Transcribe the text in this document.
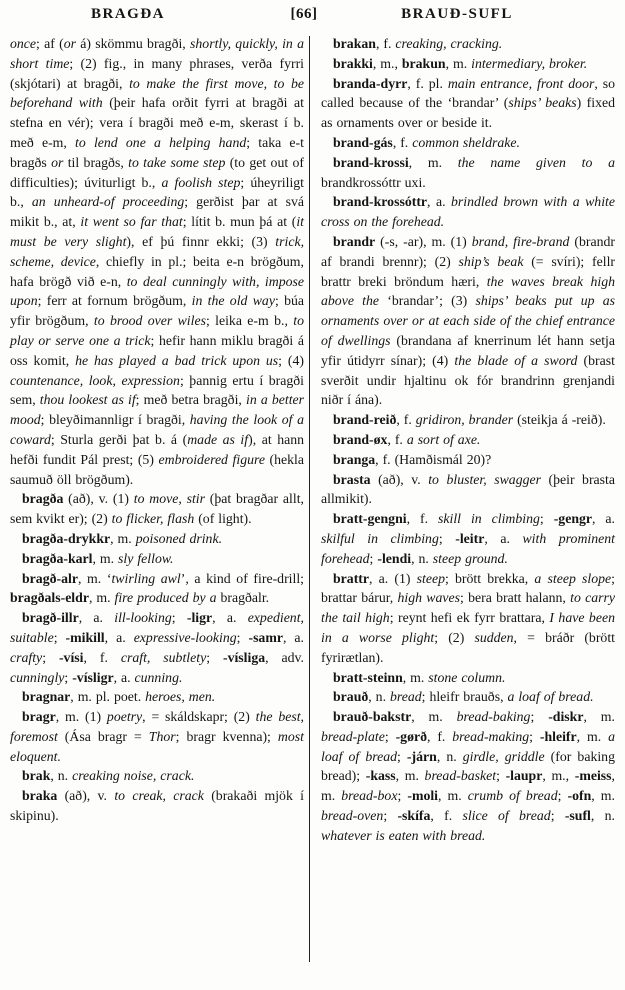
BRAGÐA	[66]	BRAUÐ-SUFL

once; af (or á) skömmu bragði, shortly, quickly, in a short time; (2) fig., in many phrases, verða fyrri (skjótari) at bragði, to make the first move, to be beforehand with (þeir hafa orðit fyrri at bragði at stefna en vér); vera í bragði með e-m, skerast í b. með e-m, to lend one a helping hand; taka e-t bragðs or til bragðs, to take some step (to get out of difficulties); úviturligt b., a foolish step; úheyriligt b., an unheard-of proceeding; gerðist þar at svá mikit b., at, it went so far that; lítit b. mun þá at (it must be very slight), ef þú finnr ekki; (3) trick, scheme, device, chiefly in pl.; beita e-n brögðum, hafa brögð við e-n, to deal cunningly with, impose upon; ferr at fornum brögðum, in the old way; búa yfir brögðum, to brood over wiles; leika e-m b., to play or serve one a trick; hefir hann miklu bragði á oss komit, he has played a bad trick upon us; (4) countenance, look, expression; þannig ertu í bragði sem, thou lookest as if; með betra bragði, in a better mood; bleyðimannligr í bragði, having the look of a coward; Sturla gerði þat b. á (made as if), at hann hefði fundit Pál prest; (5) embroidered figure (hekla saumuð öll brögðum).

bragða (að), v. (1) to move, stir (þat bragðar allt, sem kvikt er); (2) to flicker, flash (of light).

bragða-drykkr, m. poisoned drink.

bragða-karl, m. sly fellow.

bragð-alr, m. ‘twirling awl’, a kind of fire-drill; bragðals-eldr, m. fire produced by a bragðalr.

bragð-illr, a. ill-looking; -ligr, a. expedient, suitable; -mikill, a. expressive-looking; -samr, a. crafty; -vísi, f. craft, subtlety; -vísliga, adv. cunningly; -vísligr, a. cunning.

bragnar, m. pl. poet. heroes, men.

bragr, m. (1) poetry, = skáldskapr; (2) the best, foremost (Ása bragr = Thor; bragr kvenna); most eloquent.

brak, n. creaking noise, crack.

braka (að), v. to creak, crack (brakaði mjök í skipinu).

brakan, f. creaking, cracking.

brakki, m., brakun, m. intermediary, broker.

branda-dyrr, f. pl. main entrance, front door, so called because of the ‘brandar’ (ships’ beaks) fixed as ornaments over or beside it.

brand-gás, f. common sheldrake.

brand-krossi, m. the name given to a brandkrossóttr uxi.

brand-krossóttr, a. brindled brown with a white cross on the forehead.

brandr (-s, -ar), m. (1) brand, fire-brand (brandr af brandi brennr); (2) ship’s beak (= svíri); fellr brattr breki bröndum hæri, the waves break high above the ‘brandar’; (3) ships’ beaks put up as ornaments over or at each side of the chief entrance of dwellings (brandana af knerrinum lét hann setja yfir útidyrr sínar); (4) the blade of a sword (brast sverðit undir hjaltinu ok fór brandrinn grenjandi niðr í ána).

brand-reið, f. gridiron, brander (steikja á -reið).

brand-øx, f. a sort of axe.

branga, f. (Hamðismál 20)?

brasta (að), v. to bluster, swagger (þeir brasta allmikit).

bratt-gengni, f. skill in climbing; -gengr, a. skilful in climbing; -leitr, a. with prominent forehead; -lendi, n. steep ground.

brattr, a. (1) steep; brött brekka, a steep slope; brattar bárur, high waves; bera bratt halann, to carry the tail high; reynt hefi ek fyrr brattara, I have been in a worse plight; (2) sudden, = bráðr (brött fyrirætlan).

bratt-steinn, m. stone column.

brauð, n. bread; hleifr brauðs, a loaf of bread.

brauð-bakstr, m. bread-baking; -diskr, m. bread-plate; -gørð, f. bread-making; -hleifr, m. a loaf of bread; -járn, n. girdle, griddle (for baking bread); -kass, m. bread-basket; -laupr, m., -meiss, m. bread-box; -moli, m. crumb of bread; -ofn, m. bread-oven; -skífa, f. slice of bread; -sufl, n. whatever is eaten with bread.
